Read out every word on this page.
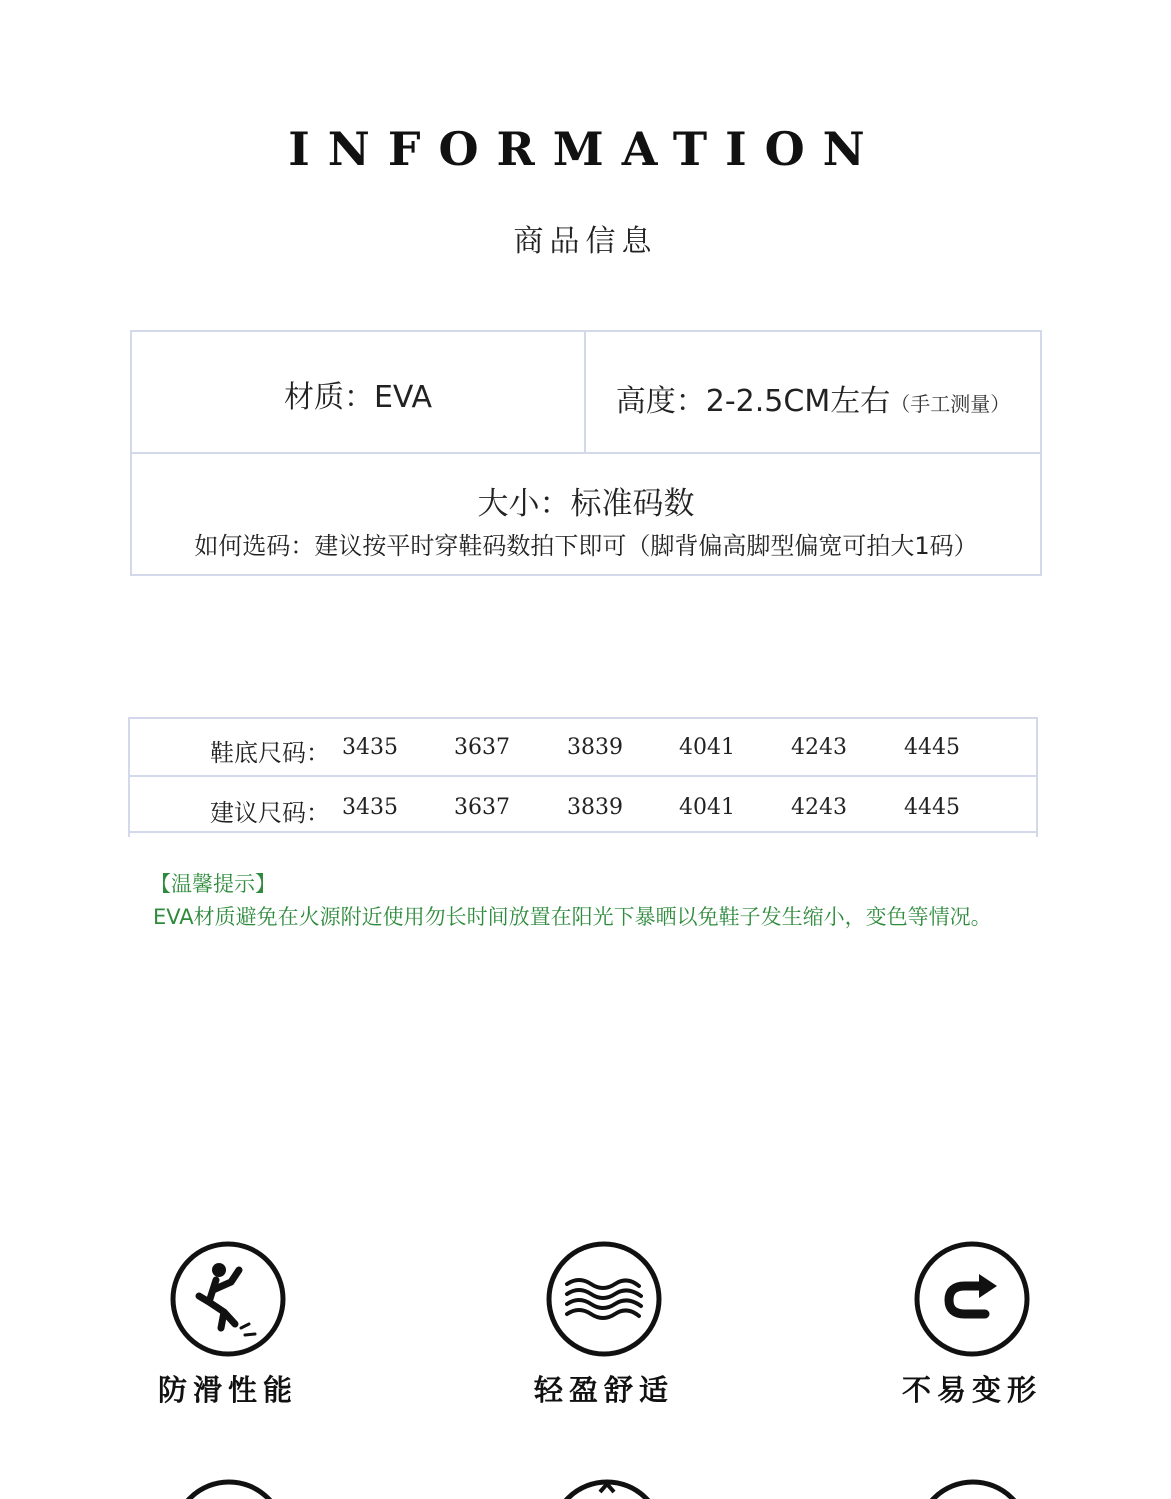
INFORMATION
商品信息
材质：EVA	高度：2-2.5CM左右（手工测量）
大小：标准码数
如何选码：建议按平时穿鞋码数拍下即可（脚背偏高脚型偏宽可拍大1码）
鞋底尺码： 3435	3637	3839	4041	4243	4445
建议尺码： 3435	3637	3839	4041	4243	4445
【温馨提示】
EVA材质避免在火源附近使用勿长时间放置在阳光下暴晒以免鞋子发生缩小，变色等情况。
防滑性能	轻盈舒适	不易变形
